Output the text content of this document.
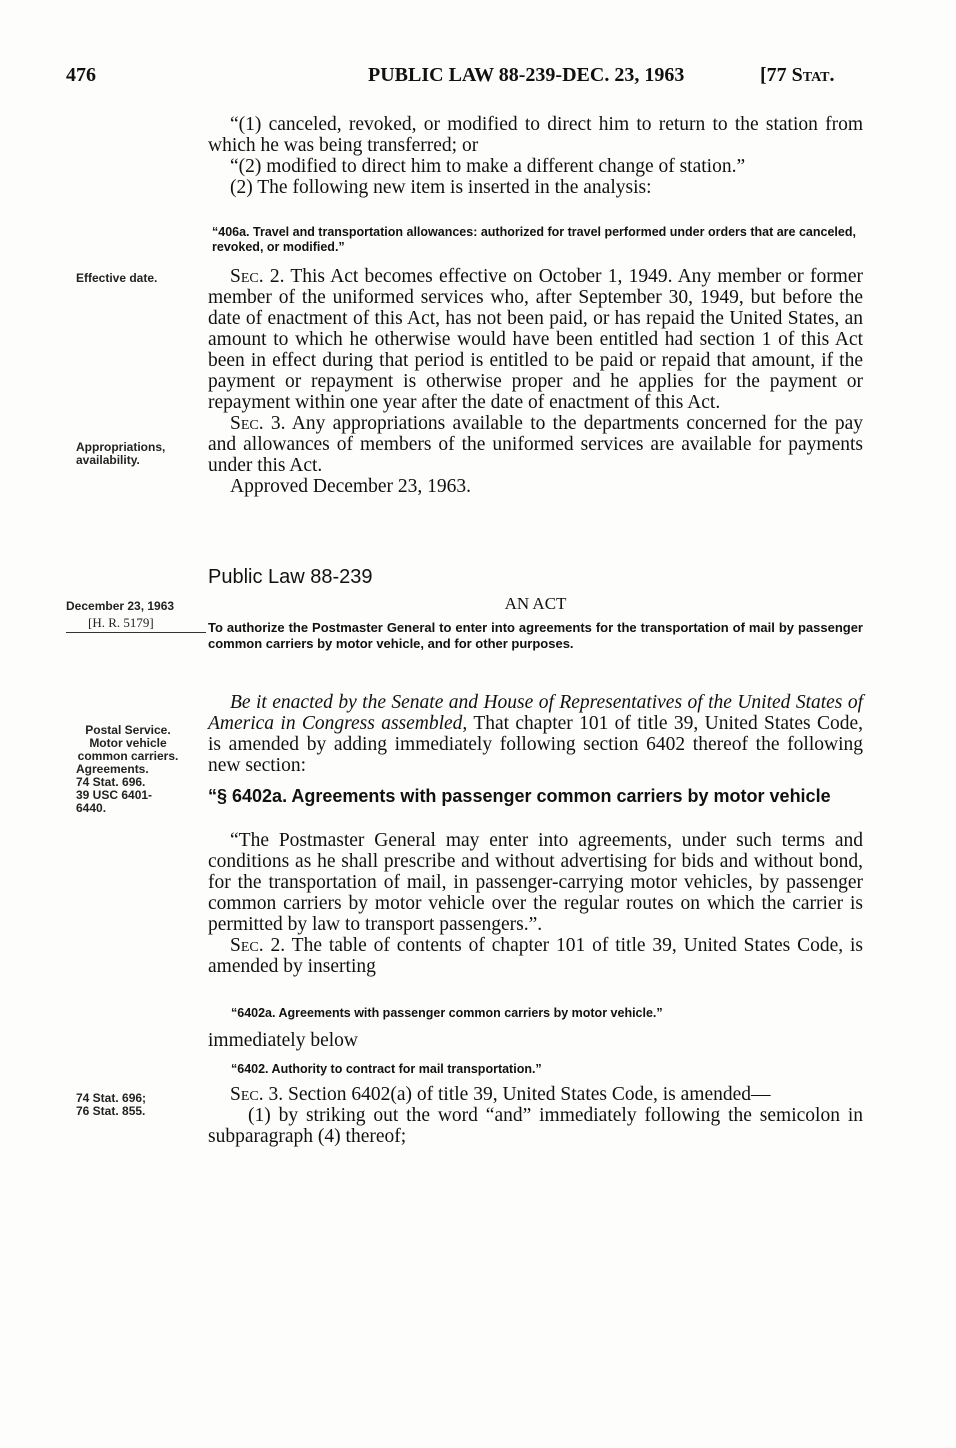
476	PUBLIC LAW 88-239-DEC. 23, 1963	[77 Stat.

“(1) canceled, revoked, or modified to direct him to return to the station from which he was being transferred; or

“(2) modified to direct him to make a different change of station.”

(2) The following new item is inserted in the analysis:

“406a. Travel and transportation allowances: authorized for travel performed under orders that are canceled, revoked, or modified.”

Sec. 2. This Act becomes effective on October 1, 1949. Any member or former member of the uniformed services who, after September 30, 1949, but before the date of enactment of this Act, has not been paid, or has repaid the United States, an amount to which he otherwise would have been entitled had section 1 of this Act been in effect during that period is entitled to be paid or repaid that amount, if the payment or repayment is otherwise proper and he applies for the payment or repayment within one year after the date of enactment of this Act.

Sec. 3. Any appropriations available to the departments concerned for the pay and allowances of members of the uniformed services are available for payments under this Act.

Approved December 23, 1963.

Public Law 88-239
AN ACT
To authorize the Postmaster General to enter into agreements for the transportation of mail by passenger common carriers by motor vehicle, and for other purposes.

Be it enacted by the Senate and House of Representatives of the United States of America in Congress assembled, That chapter 101 of title 39, United States Code, is amended by adding immediately following section 6402 thereof the following new section:

“§ 6402a. Agreements with passenger common carriers by motor vehicle

“The Postmaster General may enter into agreements, under such terms and conditions as he shall prescribe and without advertising for bids and without bond, for the transportation of mail, in passenger-carrying motor vehicles, by passenger common carriers by motor vehicle over the regular routes on which the carrier is permitted by law to transport passengers.”.

Sec. 2. The table of contents of chapter 101 of title 39, United States Code, is amended by inserting

“6402a. Agreements with passenger common carriers by motor vehicle.”
immediately below
“6402. Authority to contract for mail transportation.”

Sec. 3. Section 6402(a) of title 39, United States Code, is amended—

(1) by striking out the word “and” immediately following the semicolon in subparagraph (4) thereof;

Effective date.
Appropriations,
availability.
December 23, 1963
[H. R. 5179]
Postal Service.
Motor vehicle
common carriers.
Agreements.
74 Stat. 696.
39 USC 6401-
6440.
74 Stat. 696;
76 Stat. 855.
